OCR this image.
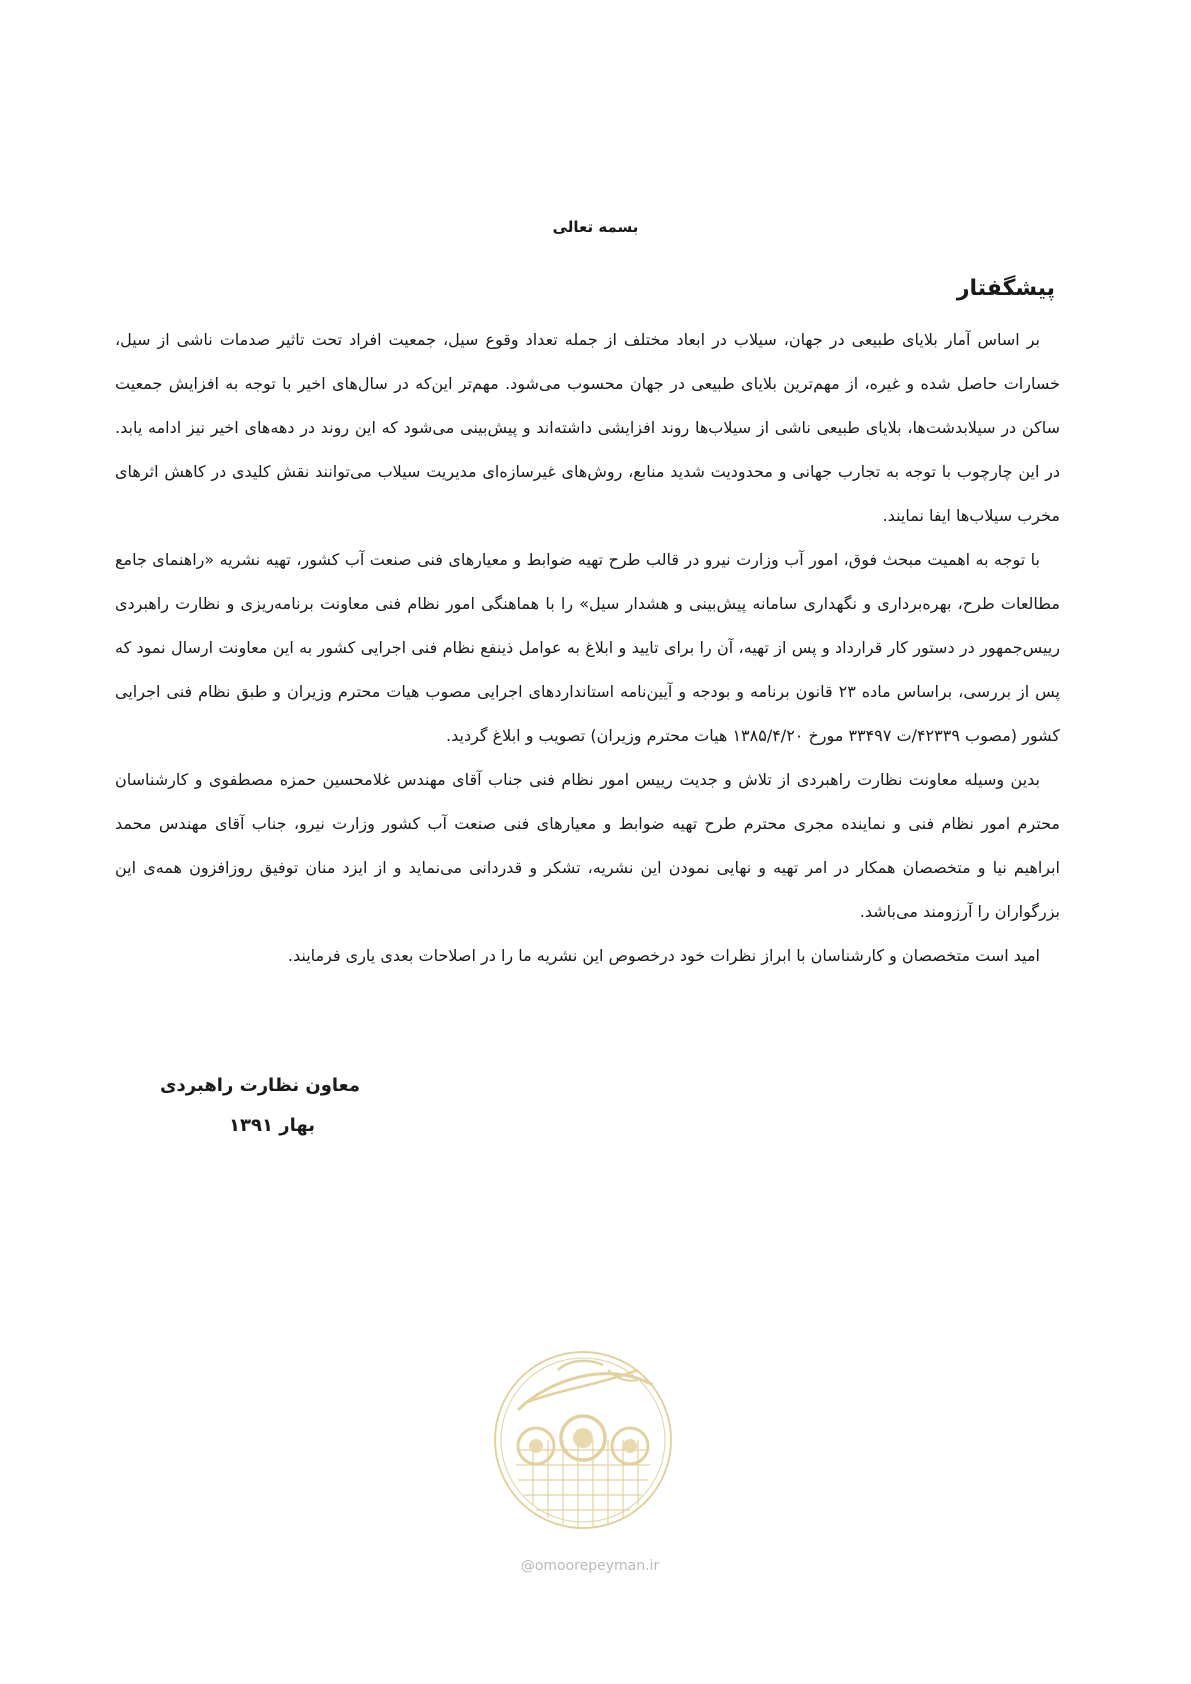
بسمه تعالی
پیشگفتار

بر اساس آمار بلایای طبیعی در جهان، سیلاب در ابعاد مختلف از جمله تعداد وقوع سیل، جمعیت افراد تحت تاثیر صدمات ناشی از سیل، خسارات حاصل شده و غیره، از مهم‌ترین بلایای طبیعی در جهان محسوب می‌شود. مهم‌تر این‌که در سال‌های اخیر با توجه به افزایش جمعیت ساکن در سیلابدشت‌ها، بلایای طبیعی ناشی از سیلاب‌ها روند افزایشی داشته‌اند و پیش‌بینی می‌شود که این روند در دهه‌های اخیر نیز ادامه یابد. در این چارچوب با توجه به تجارب جهانی و محدودیت شدید منابع، روش‌های غیرسازه‌ای مدیریت سیلاب می‌توانند نقش کلیدی در کاهش اثرهای مخرب سیلاب‌ها ایفا نمایند.

با توجه به اهمیت مبحث فوق، امور آب وزارت نیرو در قالب طرح تهیه ضوابط و معیارهای فنی صنعت آب کشور، تهیه نشریه «راهنمای جامع مطالعات طرح، بهره‌برداری و نگهداری سامانه پیش‌بینی و هشدار سیل» را با هماهنگی امور نظام فنی معاونت برنامه‌ریزی و نظارت راهبردی رییس‌جمهور در دستور کار قرارداد و پس از تهیه، آن را برای تایید و ابلاغ به عوامل ذینفع نظام فنی اجرایی کشور به این معاونت ارسال نمود که پس از بررسی، براساس ماده ۲۳ قانون برنامه و بودجه و آیین‌نامه استانداردهای اجرایی مصوب هیات محترم وزیران و طبق نظام فنی اجرایی کشور (مصوب ۴۲۳۳۹/ت ۳۳۴۹۷ مورخ ۱۳۸۵/۴/۲۰ هیات محترم وزیران) تصویب و ابلاغ گردید.

بدین وسیله معاونت نظارت راهبردی از تلاش و جدیت رییس امور نظام فنی جناب آقای مهندس غلامحسین حمزه مصطفوی و کارشناسان محترم امور نظام فنی و نماینده مجری محترم طرح تهیه ضوابط و معیارهای فنی صنعت آب کشور وزارت نیرو، جناب آقای مهندس محمد ابراهیم نیا و متخصصان همکار در امر تهیه و نهایی نمودن این نشریه، تشکر و قدردانی می‌نماید و از ایزد منان توفیق روزافزون همه‌ی این بزرگواران را آرزومند می‌باشد.

امید است متخصصان و کارشناسان با ابراز نظرات خود درخصوص این نشریه ما را در اصلاحات بعدی یاری فرمایند.

معاون نظارت راهبردی
بهار ۱۳۹۱
@omoorepeyman.ir
